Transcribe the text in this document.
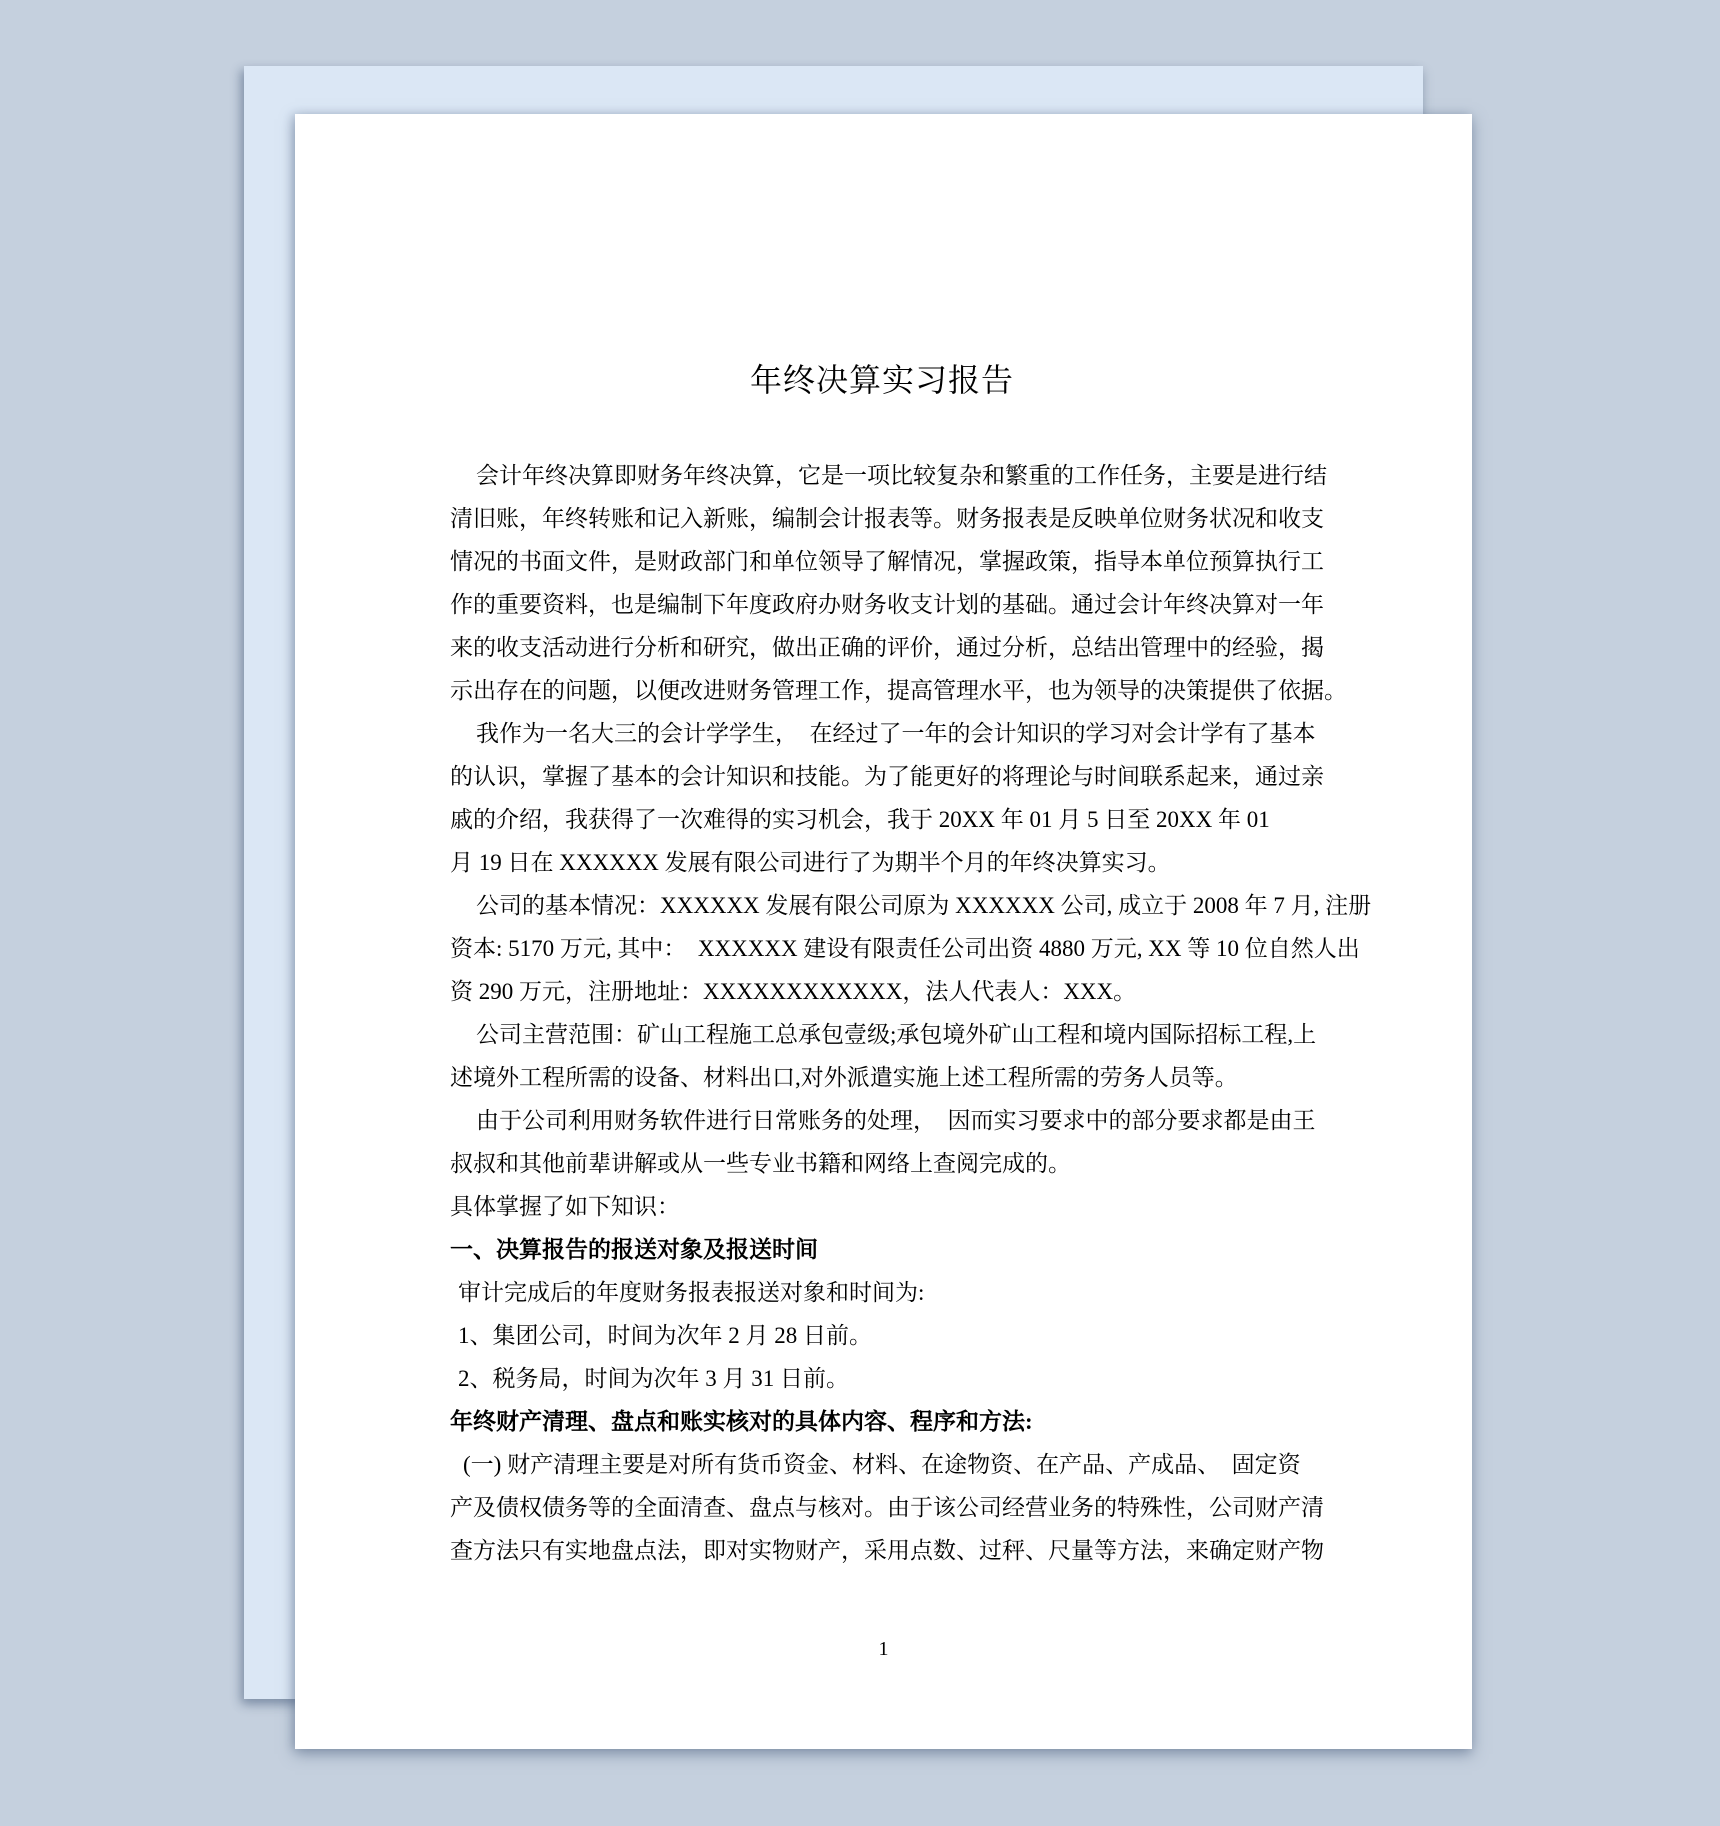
年终决算实习报告
会计年终决算即财务年终决算，它是一项比较复杂和繁重的工作任务，主要是进行结
清旧账，年终转账和记入新账，编制会计报表等。财务报表是反映单位财务状况和收支
情况的书面文件，是财政部门和单位领导了解情况，掌握政策，指导本单位预算执行工
作的重要资料，也是编制下年度政府办财务收支计划的基础。通过会计年终决算对一年
来的收支活动进行分析和研究，做出正确的评价，通过分析，总结出管理中的经验，揭
示出存在的问题，以便改进财务管理工作，提高管理水平，也为领导的决策提供了依据。
我作为一名大三的会计学学生，  在经过了一年的会计知识的学习对会计学有了基本
的认识，掌握了基本的会计知识和技能。为了能更好的将理论与时间联系起来，通过亲
戚的介绍，我获得了一次难得的实习机会，我于 20XX 年 01 月 5 日至 20XX 年 01
月 19 日在 XXXXXX 发展有限公司进行了为期半个月的年终决算实习。
公司的基本情况：XXXXXX 发展有限公司原为 XXXXXX 公司, 成立于 2008 年 7 月, 注册
资本: 5170 万元, 其中：  XXXXXX 建设有限责任公司出资 4880 万元, XX 等 10 位自然人出
资 290 万元，注册地址：XXXXXXXXXXXX，法人代表人：XXX。
公司主营范围：矿山工程施工总承包壹级;承包境外矿山工程和境内国际招标工程,上
述境外工程所需的设备、材料出口,对外派遣实施上述工程所需的劳务人员等。
由于公司利用财务软件进行日常账务的处理，  因而实习要求中的部分要求都是由王
叔叔和其他前辈讲解或从一些专业书籍和网络上查阅完成的。
具体掌握了如下知识：
一、决算报告的报送对象及报送时间
审计完成后的年度财务报表报送对象和时间为:
1、集团公司，时间为次年 2 月 28 日前。
2、税务局，时间为次年 3 月 31 日前。
年终财产清理、盘点和账实核对的具体内容、程序和方法:
(一) 财产清理主要是对所有货币资金、材料、在途物资、在产品、产成品、  固定资
产及债权债务等的全面清查、盘点与核对。由于该公司经营业务的特殊性，公司财产清
查方法只有实地盘点法，即对实物财产，采用点数、过秤、尺量等方法，来确定财产物
1
